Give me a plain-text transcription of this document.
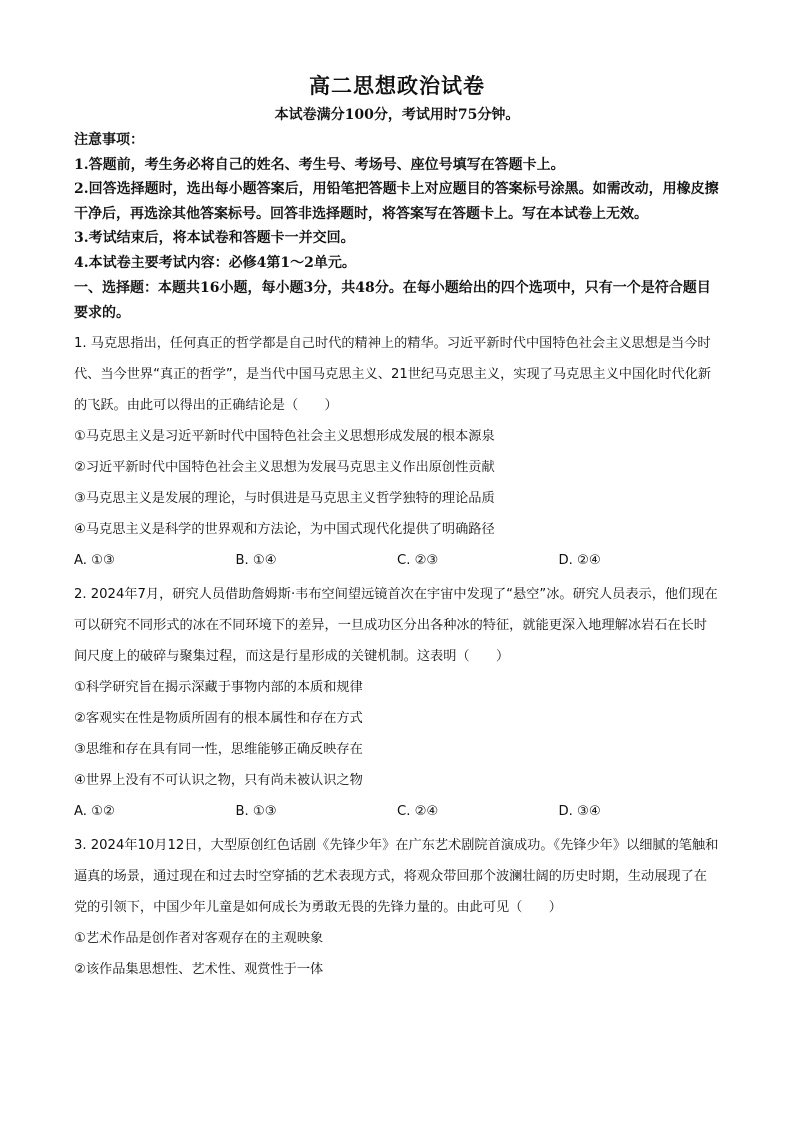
高二思想政治试卷

本试卷满分100分，考试用时75分钟。

注意事项：
1.答题前，考生务必将自己的姓名、考生号、考场号、座位号填写在答题卡上。
2.回答选择题时，选出每小题答案后，用铅笔把答题卡上对应题目的答案标号涂黑。如需改动，用橡皮擦干净后，再选涂其他答案标号。回答非选择题时，将答案写在答题卡上。写在本试卷上无效。
3.考试结束后，将本试卷和答题卡一并交回。
4.本试卷主要考试内容：必修4第1～2单元。
一、选择题：本题共16小题，每小题3分，共48分。在每小题给出的四个选项中，只有一个是符合题目要求的。
1. 马克思指出，任何真正的哲学都是自己时代的精神上的精华。习近平新时代中国特色社会主义思想是当今时代、当今世界“真正的哲学”，是当代中国马克思主义、21世纪马克思主义，实现了马克思主义中国化时代化新的飞跃。由此可以得出的正确结论是（　　）
①马克思主义是习近平新时代中国特色社会主义思想形成发展的根本源泉
②习近平新时代中国特色社会主义思想为发展马克思主义作出原创性贡献
③马克思主义是发展的理论，与时俱进是马克思主义哲学独特的理论品质
④马克思主义是科学的世界观和方法论，为中国式现代化提供了明确路径
A. ①③	B. ①④	C. ②③	D. ②④
2. 2024年7月，研究人员借助詹姆斯·韦布空间望远镜首次在宇宙中发现了“悬空”冰。研究人员表示，他们现在可以研究不同形式的冰在不同环境下的差异，一旦成功区分出各种冰的特征，就能更深入地理解冰岩石在长时间尺度上的破碎与聚集过程，而这是行星形成的关键机制。这表明（　　）
①科学研究旨在揭示深藏于事物内部的本质和规律
②客观实在性是物质所固有的根本属性和存在方式
③思维和存在具有同一性，思维能够正确反映存在
④世界上没有不可认识之物，只有尚未被认识之物
A. ①②	B. ①③	C. ②④	D. ③④
3. 2024年10月12日，大型原创红色话剧《先锋少年》在广东艺术剧院首演成功。《先锋少年》以细腻的笔触和逼真的场景，通过现在和过去时空穿插的艺术表现方式，将观众带回那个波澜壮阔的历史时期，生动展现了在党的引领下，中国少年儿童是如何成长为勇敢无畏的先锋力量的。由此可见（　　）
①艺术作品是创作者对客观存在的主观映象
②该作品集思想性、艺术性、观赏性于一体
